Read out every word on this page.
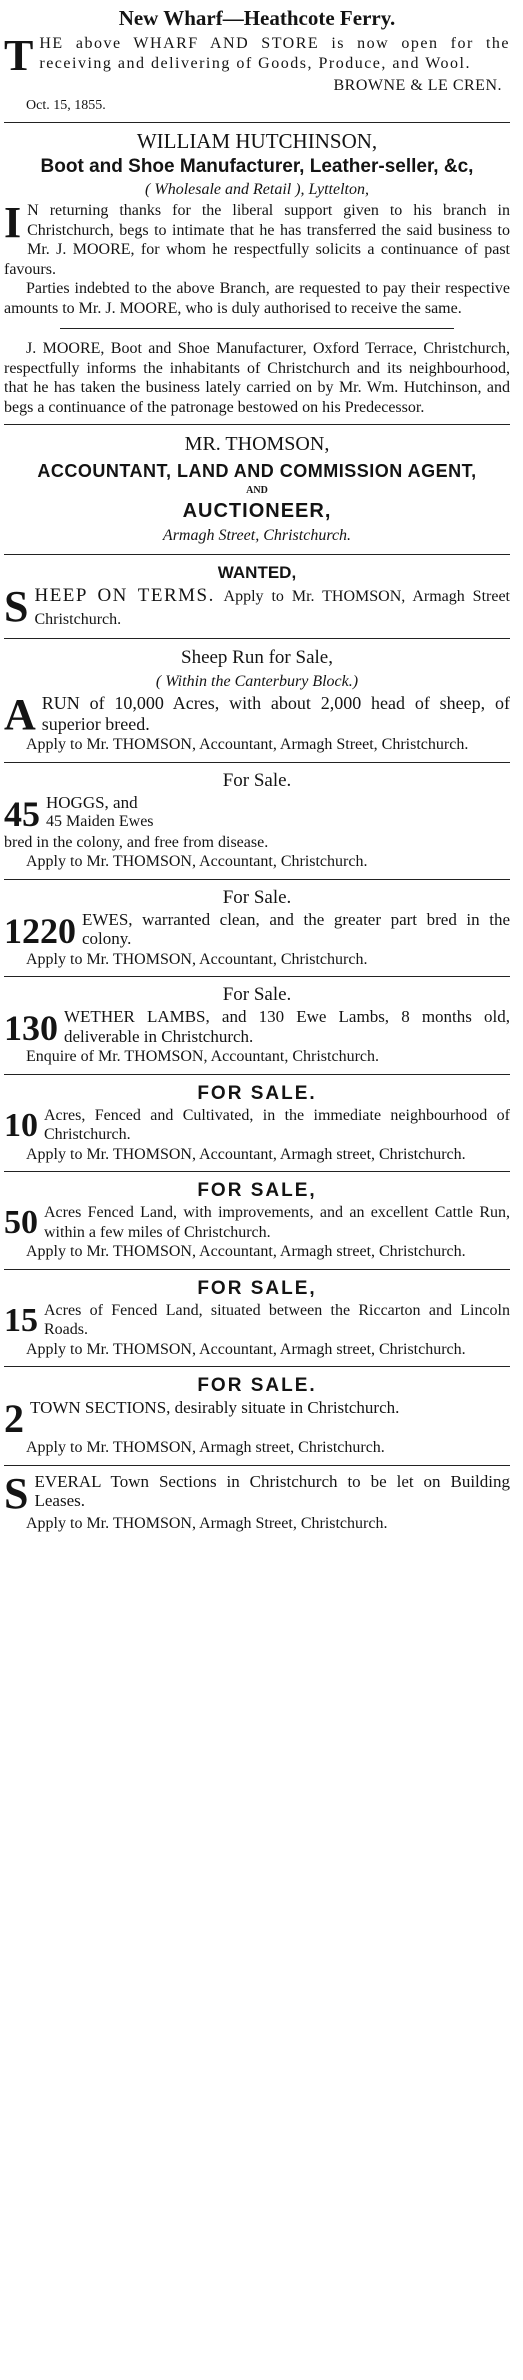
New Wharf—Heathcote Ferry.
T HE above WHARF AND STORE is now open for the receiving and delivering of Goods, Produce, and Wool.

BROWNE & LE CREN.

Oct. 15, 1855.

WILLIAM HUTCHINSON,
Boot and Shoe Manufacturer, Leather-seller, &c,
( Wholesale and Retail ), Lyttelton,
I N returning thanks for the liberal support given to his branch in Christchurch, begs to intimate that he has transferred the said business to Mr. J. MOORE, for whom he respectfully solicits a continuance of past favours.

Parties indebted to the above Branch, are requested to pay their respective amounts to Mr. J. MOORE, who is duly authorised to receive the same.

J. MOORE, Boot and Shoe Manufacturer, Oxford Terrace, Christchurch, respectfully informs the inhabitants of Christchurch and its neighbourhood, that he has taken the business lately carried on by Mr. Wm. Hutchinson, and begs a continuance of the patronage bestowed on his Predecessor.

MR. THOMSON,
ACCOUNTANT, LAND AND COMMISSION AGENT,
AND
AUCTIONEER,
Armagh Street, Christchurch.
WANTED,
S HEEP ON TERMS. Apply to Mr. THOMSON, Armagh Street Christchurch.

Sheep Run for Sale,
( Within the Canterbury Block.)
A RUN of 10,000 Acres, with about 2,000 head of sheep, of superior breed.

Apply to Mr. THOMSON, Accountant, Armagh Street, Christchurch.

For Sale.
45 HOGGS, and

45 Maiden Ewes

bred in the colony, and free from disease.

Apply to Mr. THOMSON, Accountant, Christchurch.

For Sale.
1220 EWES, warranted clean, and the greater part bred in the colony.

Apply to Mr. THOMSON, Accountant, Christchurch.

For Sale.
130 WETHER LAMBS, and 130 Ewe Lambs, 8 months old, deliverable in Christchurch.

Enquire of Mr. THOMSON, Accountant, Christchurch.

FOR SALE.
10 Acres, Fenced and Cultivated, in the immediate neighbourhood of Christchurch.

Apply to Mr. THOMSON, Accountant, Armagh street, Christchurch.

FOR SALE,
50 Acres Fenced Land, with improvements, and an excellent Cattle Run, within a few miles of Christchurch.

Apply to Mr. THOMSON, Accountant, Armagh street, Christchurch.

FOR SALE,
15 Acres of Fenced Land, situated between the Riccarton and Lincoln Roads.

Apply to Mr. THOMSON, Accountant, Armagh street, Christchurch.

FOR SALE.
2 TOWN SECTIONS, desirably situate in Christchurch.

Apply to Mr. THOMSON, Armagh street, Christchurch.

S EVERAL Town Sections in Christchurch to be let on Building Leases.

Apply to Mr. THOMSON, Armagh Street, Christchurch.
